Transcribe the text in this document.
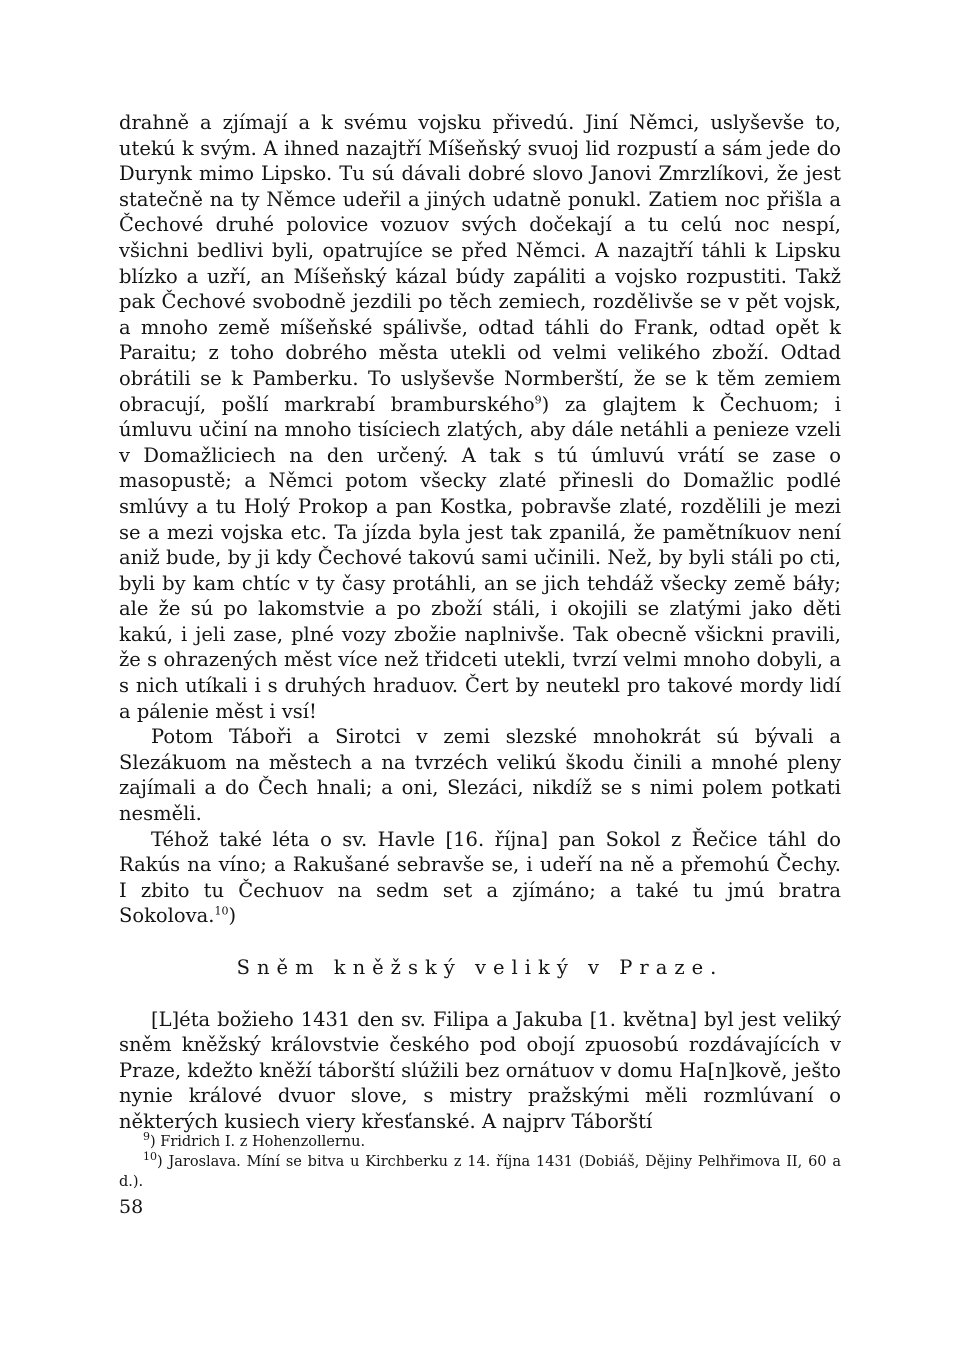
drahně a zjímají a k svému vojsku přivedú. Jiní Němci, uslyševše to, utekú k svým. A ihned nazajtří Míšeňský svuoj lid rozpustí a sám jede do Durynk mimo Lipsko. Tu sú dávali dobré slovo Janovi Zmrzlíkovi, že jest statečně na ty Němce udeřil a jiných udatně ponukl. Zatiem noc přišla a Čechové druhé polovice vozuov svých dočekají a tu celú noc nespí, všichni bedlivi byli, opatrujíce se před Němci. A nazajtří táhli k Lipsku blízko a uzří, an Míšeňský kázal búdy zapáliti a vojsko rozpustiti. Takž pak Čechové svobodně jezdili po těch zemiech, rozdělivše se v pět vojsk, a mnoho země míšeňské spálivše, odtad táhli do Frank, odtad opět k Paraitu; z toho dobrého města utekli od velmi velikého zboží. Odtad obrátili se k Pamberku. To uslyševše Normberští, že se k těm zemiem obracují, pošlí markrabí bramburského$^9$) za glajtem k Čechuom; i úmluvu učiní na mnoho tisíciech zlatých, aby dále netáhli a penieze vzeli v Domažliciech na den určený. A tak s tú úmluvú vrátí se zase o masopustě; a Němci potom všecky zlaté přinesli do Domažlic podlé smlúvy a tu Holý Prokop a pan Kostka, pobravše zlaté, rozdělili je mezi se a mezi vojska etc. Ta jízda byla jest tak zpanilá, že pamětníkuov není aniž bude, by ji kdy Čechové takovú sami učinili. Než, by byli stáli po cti, byli by kam chtíc v ty časy protáhli, an se jich tehdáž všecky země báły; ale že sú po lakomstvie a po zboží stáli, i okojili se zlatými jako děti kakú, i jeli zase, plné vozy zbožie naplnivše. Tak obecně všickni pravili, že s ohrazených měst více než třidceti utekli, tvrzí velmi mnoho dobyli, a s nich utíkali i s druhých hraduov. Čert by neutekl pro takové mordy lidí a pálenie měst i vsí!

Potom Táboři a Sirotci v zemi slezské mnohokrát sú bývali a Slezákuom na městech a na tvrzéch velikú škodu činili a mnohé pleny zajímali a do Čech hnali; a oni, Slezáci, nikdíž se s nimi polem potkati nesměli.

Téhož také léta o sv. Havle [16. října] pan Sokol z Řečice táhl do Rakús na víno; a Rakušané sebravše se, i udeří na ně a přemohú Čechy. I zbito tu Čechuov na sedm set a zjímáno; a také tu jmú bratra Sokolova.$^{10}$)

Sněm kněžský veliký v Praze.

[L]éta božieho 1431 den sv. Filipa a Jakuba [1. května] byl jest veliký sněm kněžský královstvie českého pod obojí zpuosobú rozdávajících v Praze, kdežto kněží táborští slúžili bez ornátuov v domu Ha[n]kově, ješto nynie králové dvuor slove, s mistry pražskými měli rozmlúvaní o některých kusiech viery křesťanské. A najprv Táborští

$^9$) Fridrich I. z Hohenzollernu.

$^{10}$) Jaroslava. Míní se bitva u Kirchberku z 14. října 1431 (Dobiáš, Dějiny Pelhřimova II, 60 a d.).

58
